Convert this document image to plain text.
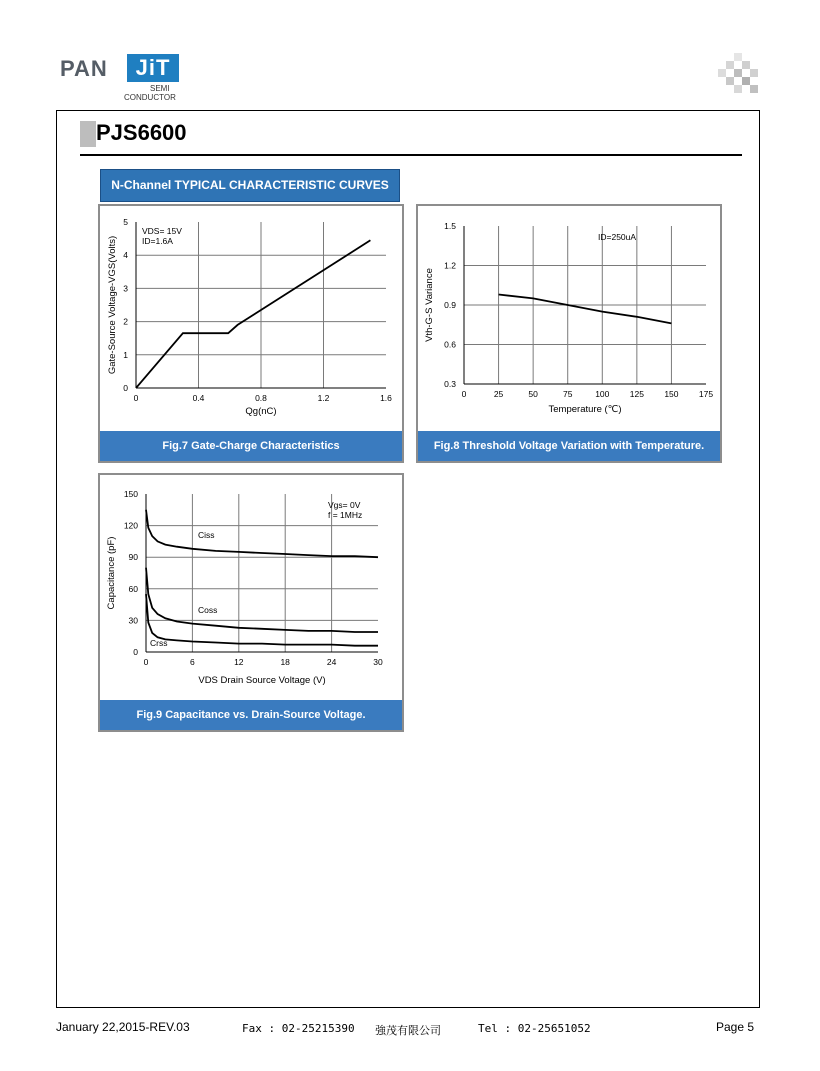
PAN	JiT
SEMI
CONDUCTOR
PJS6600
N-Channel TYPICAL CHARACTERISTIC CURVES
0	0.4	0.8	1.2	1.6
0
1
2
3
4
5
Qg(nC)
Gate-Source Voltage-VGS(Volts)
VDS= 15V
ID=1.6A
Fig.7 Gate-Charge Characteristics
0	25	50	75	100 125 150 175
0.3
0.6
0.9
1.2
1.5
Temperature (℃)
Vth-G-S Variance
ID=250uA
Fig.8 Threshold Voltage Variation with Temperature.
0	6	12	18	24	30
0
30
60
90
120
150
VDS Drain Source Voltage (V)
Capacitance (pF)
Vgs= 0V
f = 1MHz
Ciss
Coss
Crss
Fig.9 Capacitance vs. Drain-Source Voltage.
January 22,2015-REV.03	Fax : 02-25215390 強茂有限公司	Tel : 02-25651052	Page 5
